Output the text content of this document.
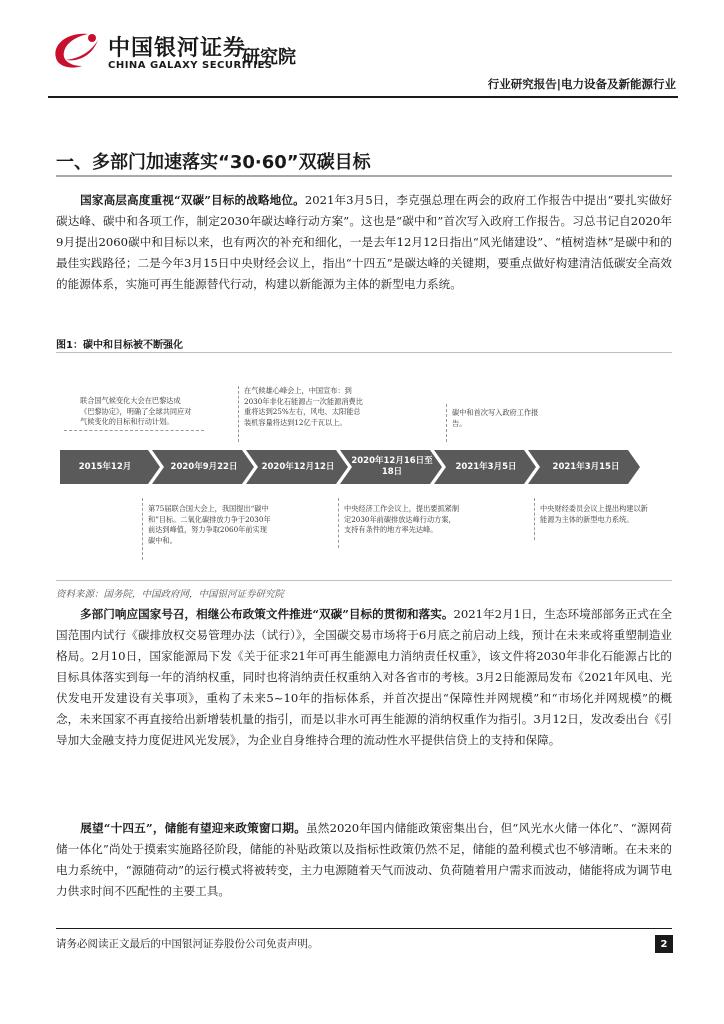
中国银河证券
CHINA GALAXY SECURITIES
研究院
行业研究报告|电力设备及新能源行业
一、多部门加速落实“30·60”双碳目标
国家高层高度重视“双碳”目标的战略地位。2021年3月5日，李克强总理在两会的政府工作报告中提出“要扎实做好碳达峰、碳中和各项工作，制定2030年碳达峰行动方案”。这也是“碳中和”首次写入政府工作报告。习总书记自2020年9月提出2060碳中和目标以来，也有两次的补充和细化，一是去年12月12日指出“风光储建设”、“植树造林”是碳中和的最佳实践路径；二是今年3月15日中央财经会议上，指出“十四五”是碳达峰的关键期，要重点做好构建清洁低碳安全高效的能源体系，实施可再生能源替代行动，构建以新能源为主体的新型电力系统。
图1：碳中和目标被不断强化
2015年12月	2020年9月22日	2020年12月12日
2020年12月16日至18日
2021年3月5日	2021年3月15日
联合国气候变化大会在巴黎达成《巴黎协定》，明确了全球共同应对气候变化的目标和行动计划。
在气候雄心峰会上，中国宣布：到2030年非化石能源占一次能源消费比重将达到25%左右，风电、太阳能总装机容量将达到12亿千瓦以上。
碳中和首次写入政府工作报告。
第75届联合国大会上，我国提出“碳中和”目标。二氧化碳排放力争于2030年前达到峰值，努力争取2060年前实现碳中和。
中央经济工作会议上，提出要抓紧制定2030年前碳排放达峰行动方案，支持有条件的地方率先达峰。
中央财经委员会议上提出构建以新能源为主体的新型电力系统。
资料来源：国务院，中国政府网，中国银河证券研究院
多部门响应国家号召，相继公布政策文件推进“双碳”目标的贯彻和落实。2021年2月1日，生态环境部部务正式在全国范围内试行《碳排放权交易管理办法（试行）》，全国碳交易市场将于6月底之前启动上线，预计在未来或将重塑制造业格局。2月10日，国家能源局下发《关于征求21年可再生能源电力消纳责任权重》，该文件将2030年非化石能源占比的目标具体落实到每一年的消纳权重，同时也将消纳责任权重纳入对各省市的考核。3月2日能源局发布《2021年风电、光伏发电开发建设有关事项》，重构了未来5~10年的指标体系，并首次提出“保障性并网规模”和“市场化并网规模”的概念，未来国家不再直接给出新增装机量的指引，而是以非水可再生能源的消纳权重作为指引。3月12日，发改委出台《引导加大金融支持力度促进风光发展》，为企业自身维持合理的流动性水平提供信贷上的支持和保障。
展望“十四五”，储能有望迎来政策窗口期。虽然2020年国内储能政策密集出台，但“风光水火储一体化”、“源网荷储一体化”尚处于摸索实施路径阶段，储能的补贴政策以及指标性政策仍然不足，储能的盈利模式也不够清晰。在未来的电力系统中，“源随荷动”的运行模式将被转变，主力电源随着天气而波动、负荷随着用户需求而波动，储能将成为调节电力供求时间不匹配性的主要工具。
请务必阅读正文最后的中国银河证券股份公司免责声明。	2
